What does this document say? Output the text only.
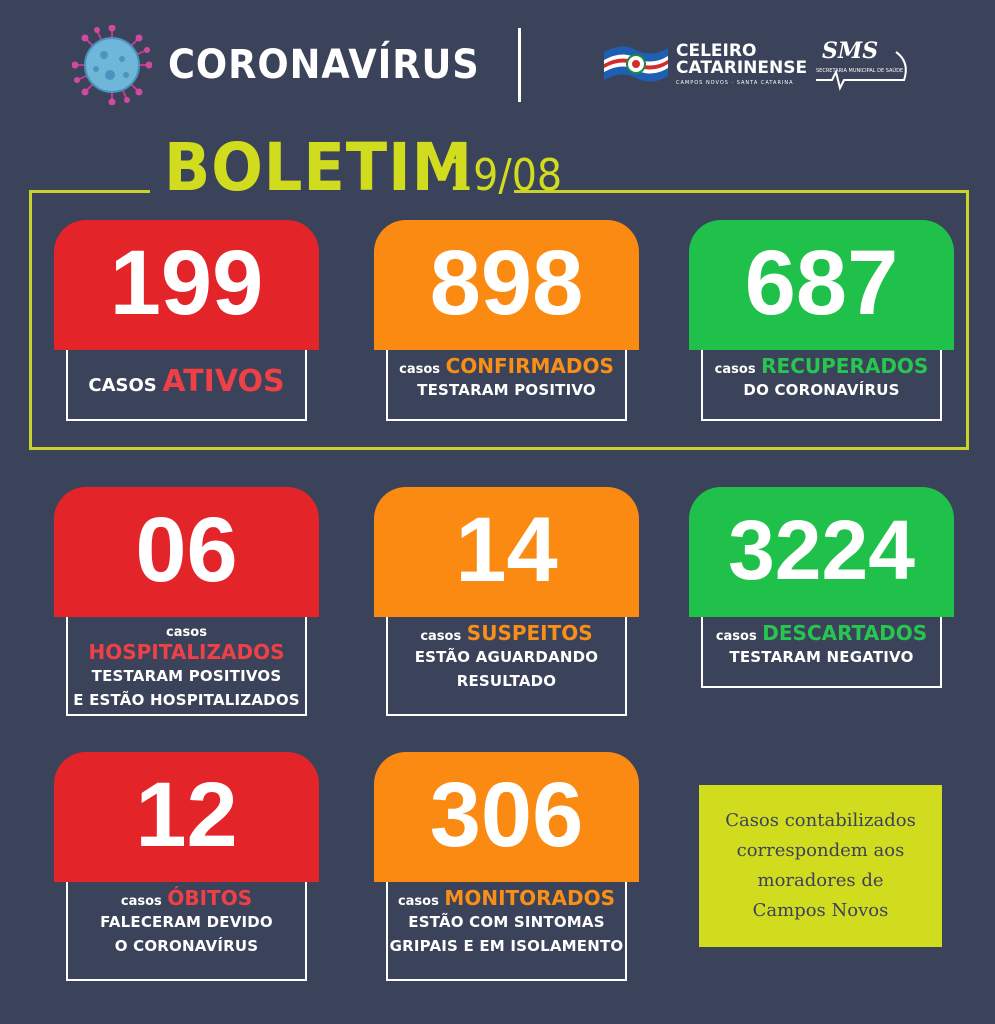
CORONAVÍRUS	CELEIRO
CATARINENSE
CAMPOS NOVOS · SANTA CATARINA
SMS
SECRETARIA MUNICIPAL DE SAÚDE
BOLETIM
19/08
199
CASOS ATIVOS
898
casos CONFIRMADOS
TESTARAM POSITIVO
687
casos RECUPERADOS
DO CORONAVÍRUS
06
casos HOSPITALIZADOS
TESTARAM POSITIVOS
E ESTÃO HOSPITALIZADOS
14
casos SUSPEITOS
ESTÃO AGUARDANDO
RESULTADO
3224
casos DESCARTADOS
TESTARAM NEGATIVO
12
casos ÓBITOS
FALECERAM DEVIDO
O CORONAVÍRUS
306
casos MONITORADOS
ESTÃO COM SINTOMAS
GRIPAIS E EM ISOLAMENTO
Casos contabilizados
correspondem aos
moradores de
Campos Novos
